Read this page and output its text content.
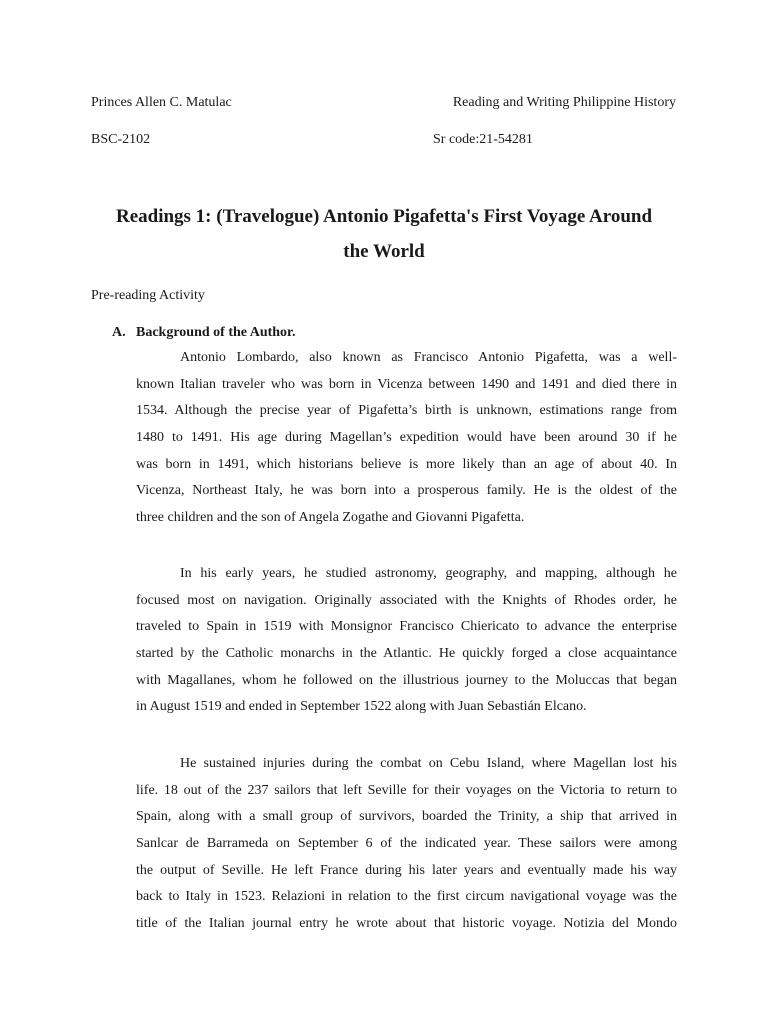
Princes Allen C. Matulac	Reading and Writing Philippine History
BSC-2102	Sr code:21-54281
Readings 1: (Travelogue) Antonio Pigafetta's First Voyage Around
the World
Pre-reading Activity
A. Background of the Author.
Antonio Lombardo, also known as Francisco Antonio Pigafetta, was a well-
known Italian traveler who was born in Vicenza between 1490 and 1491 and died there in
1534. Although the precise year of Pigafetta’s birth is unknown, estimations range from
1480 to 1491. His age during Magellan’s expedition would have been around 30 if he
was born in 1491, which historians believe is more likely than an age of about 40. In
Vicenza, Northeast Italy, he was born into a prosperous family. He is the oldest of the
three children and the son of Angela Zogathe and Giovanni Pigafetta.
In his early years, he studied astronomy, geography, and mapping, although he
focused most on navigation. Originally associated with the Knights of Rhodes order, he
traveled to Spain in 1519 with Monsignor Francisco Chiericato to advance the enterprise
started by the Catholic monarchs in the Atlantic. He quickly forged a close acquaintance
with Magallanes, whom he followed on the illustrious journey to the Moluccas that began
in August 1519 and ended in September 1522 along with Juan Sebastián Elcano.
He sustained injuries during the combat on Cebu Island, where Magellan lost his
life. 18 out of the 237 sailors that left Seville for their voyages on the Victoria to return to
Spain, along with a small group of survivors, boarded the Trinity, a ship that arrived in
Sanlcar de Barrameda on September 6 of the indicated year. These sailors were among
the output of Seville. He left France during his later years and eventually made his way
back to Italy in 1523. Relazioni in relation to the first circum navigational voyage was the
title of the Italian journal entry he wrote about that historic voyage. Notizia del Mondo
